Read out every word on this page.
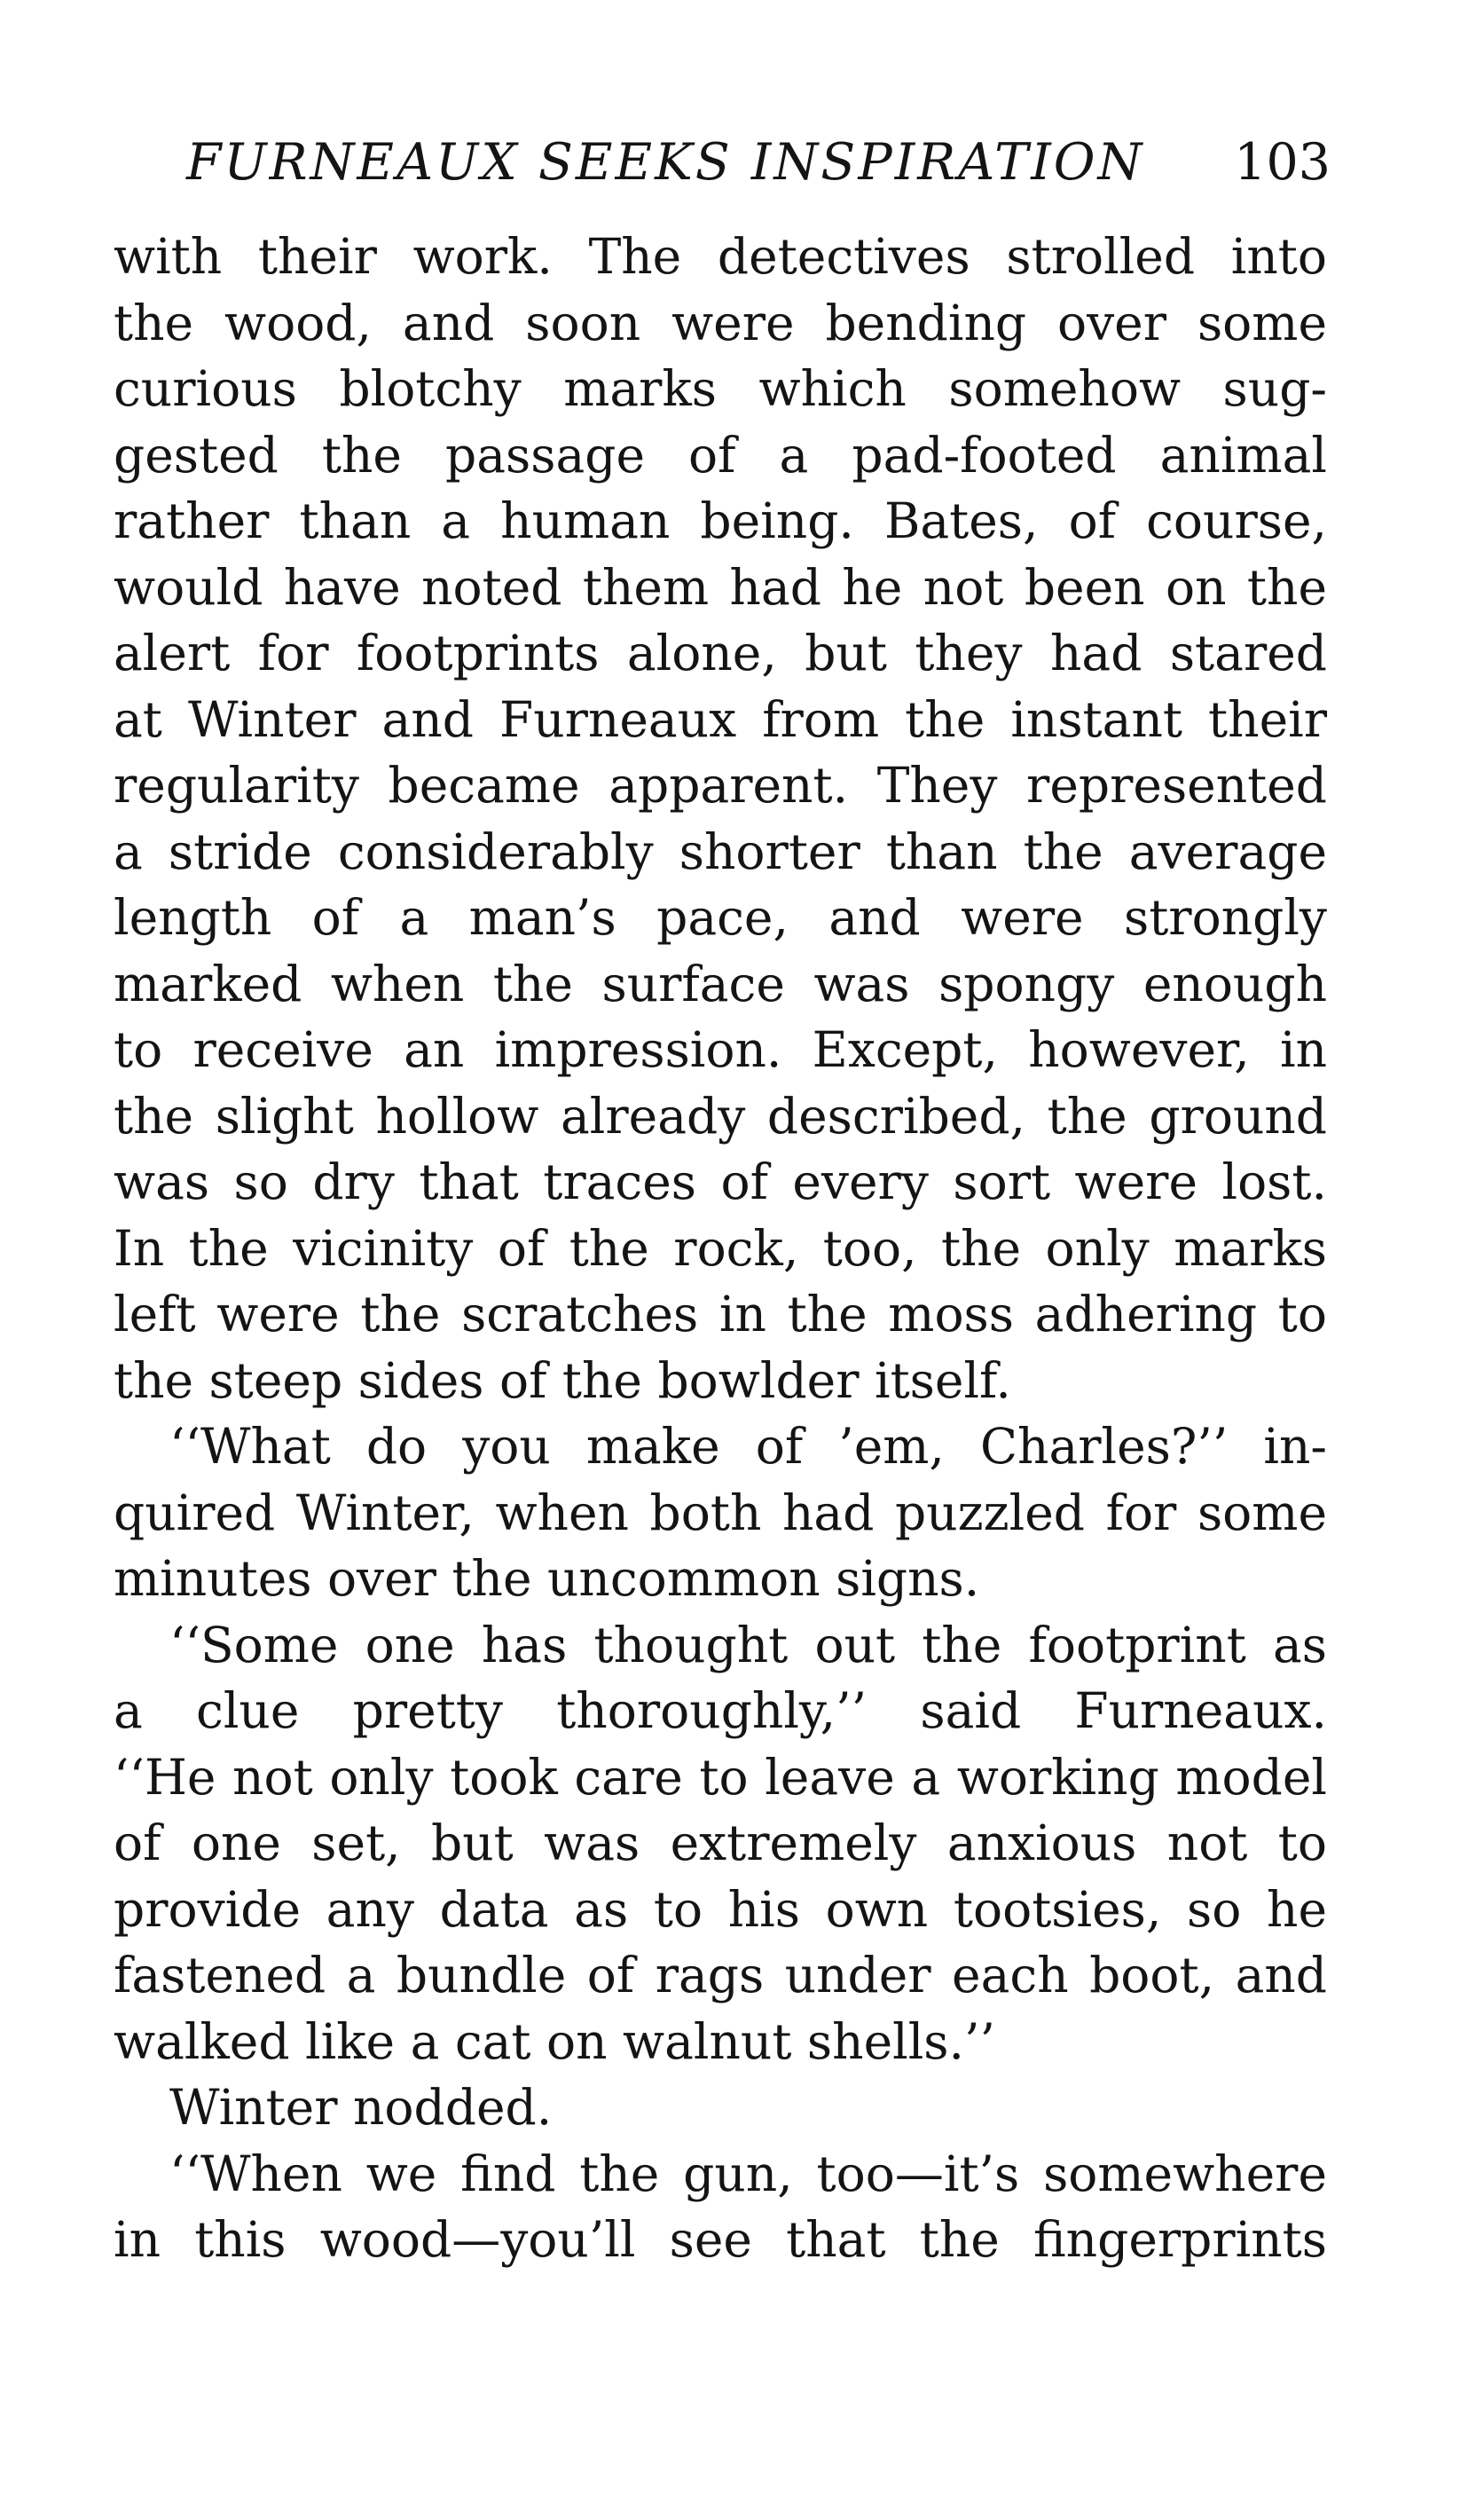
FURNEAUX SEEKS INSPIRATION 103
with their work. The detectives strolled into
the wood, and soon were bending over some
curious blotchy marks which somehow sug-
gested the passage of a pad-footed animal
rather than a human being. Bates, of course,
would have noted them had he not been on the
alert for footprints alone, but they had stared
at Winter and Furneaux from the instant their
regularity became apparent. They represented
a stride considerably shorter than the average
length of a man’s pace, and were strongly
marked when the surface was spongy enough
to receive an impression. Except, however, in
the slight hollow already described, the ground
was so dry that traces of every sort were lost.
In the vicinity of the rock, too, the only marks
left were the scratches in the moss adhering to
the steep sides of the bowlder itself.
‘‘What do you make of ’em, Charles?’’ in-
quired Winter, when both had puzzled for some
minutes over the uncommon signs.
‘‘Some one has thought out the footprint as
a clue pretty thoroughly,’’ said Furneaux.
‘‘He not only took care to leave a working model
of one set, but was extremely anxious not to
provide any data as to his own tootsies, so he
fastened a bundle of rags under each boot, and
walked like a cat on walnut shells.’’
Winter nodded.
‘‘When we find the gun, too—it’s somewhere
in this wood—you’ll see that the fingerprints
